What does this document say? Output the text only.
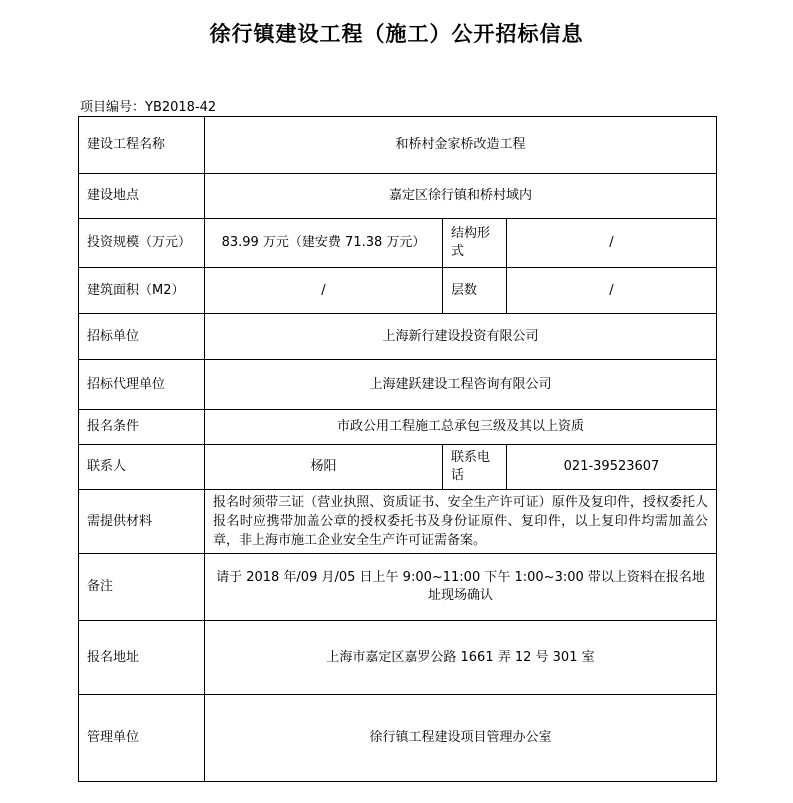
徐行镇建设工程（施工）公开招标信息
项目编号：YB2018-42
建设工程名称	和桥村金家桥改造工程		
建设地点	嘉定区徐行镇和桥村域内		
投资规模（万元）	83.99 万元（建安费 71.38 万元）	结构形式	/
建筑面积（M2）	/	层数	/
招标单位	上海新行建设投资有限公司		
招标代理单位	上海建跃建设工程咨询有限公司		
报名条件	市政公用工程施工总承包三级及其以上资质		
联系人	杨阳	联系电话	021-39523607
需提供材料	报名时须带三证（营业执照、资质证书、安全生产许可证）原件及复印件，授权委托人报名时应携带加盖公章的授权委托书及身份证原件、复印件，以上复印件均需加盖公章，非上海市施工企业安全生产许可证需备案。		
备注	请于 2018 年/09 月/05 日上午 9:00~11:00 下午 1:00~3:00 带以上资料在报名地址现场确认		
报名地址	上海市嘉定区嘉罗公路 1661 弄 12 号 301 室		
管理单位	徐行镇工程建设项目管理办公室		
